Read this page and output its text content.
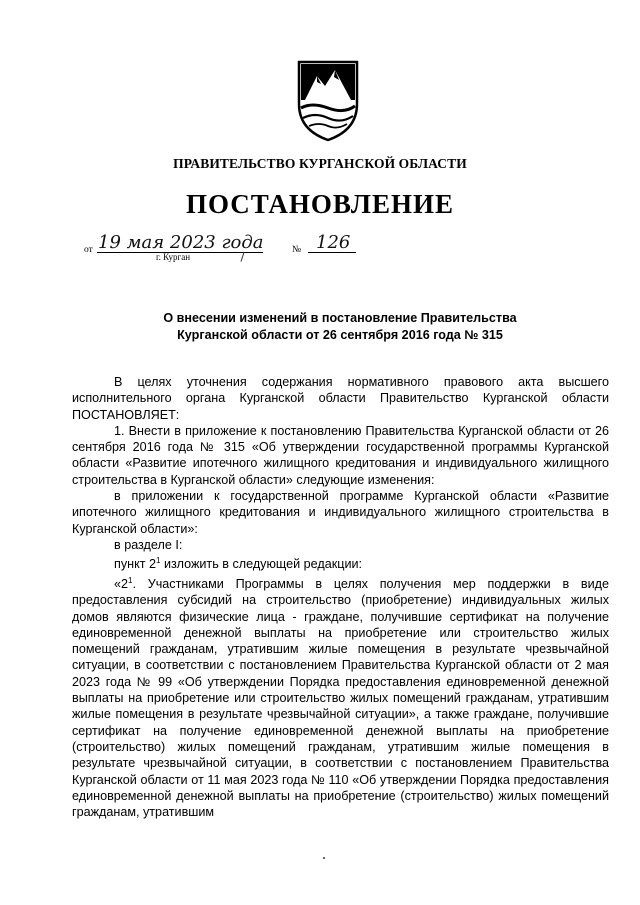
ПРАВИТЕЛЬСТВО КУРГАНСКОЙ ОБЛАСТИ
ПОСТАНОВЛЕНИЕ
от 19 мая 2023 года	№ 126
г. Курган
О внесении изменений в постановление Правительства
Курганской области от 26 сентября 2016 года № 315

В целях уточнения содержания нормативного правового акта высшего исполнительного органа Курганской области Правительство Курганской области ПОСТАНОВЛЯЕТ:

1. Внести в приложение к постановлению Правительства Курганской области от 26 сентября 2016 года № 315 «Об утверждении государственной программы Курганской области «Развитие ипотечного жилищного кредитования и индивидуального жилищного строительства в Курганской области» следующие изменения:

в приложении к государственной программе Курганской области «Развитие ипотечного жилищного кредитования и индивидуального жилищного строительства в Курганской области»:

в разделе I:

пункт $2^1$ изложить в следующей редакции:

«$2^1$. Участниками Программы в целях получения мер поддержки в виде предоставления субсидий на строительство (приобретение) индивидуальных жилых домов являются физические лица - граждане, получившие сертификат на получение единовременной денежной выплаты на приобретение или строительство жилых помещений гражданам, утратившим жилые помещения в результате чрезвычайной ситуации, в соответствии с постановлением Правительства Курганской области от 2 мая 2023 года № 99 «Об утверждении Порядка предоставления единовременной денежной выплаты на приобретение или строительство жилых помещений гражданам, утратившим жилые помещения в результате чрезвычайной ситуации», а также граждане, получившие сертификат на получение единовременной денежной выплаты на приобретение (строительство) жилых помещений гражданам, утратившим жилые помещения в результате чрезвычайной ситуации, в соответствии с постановлением Правительства Курганской области от 11 мая 2023 года № 110 «Об утверждении Порядка предоставления единовременной денежной выплаты на приобретение (строительство) жилых помещений гражданам, утратившим
